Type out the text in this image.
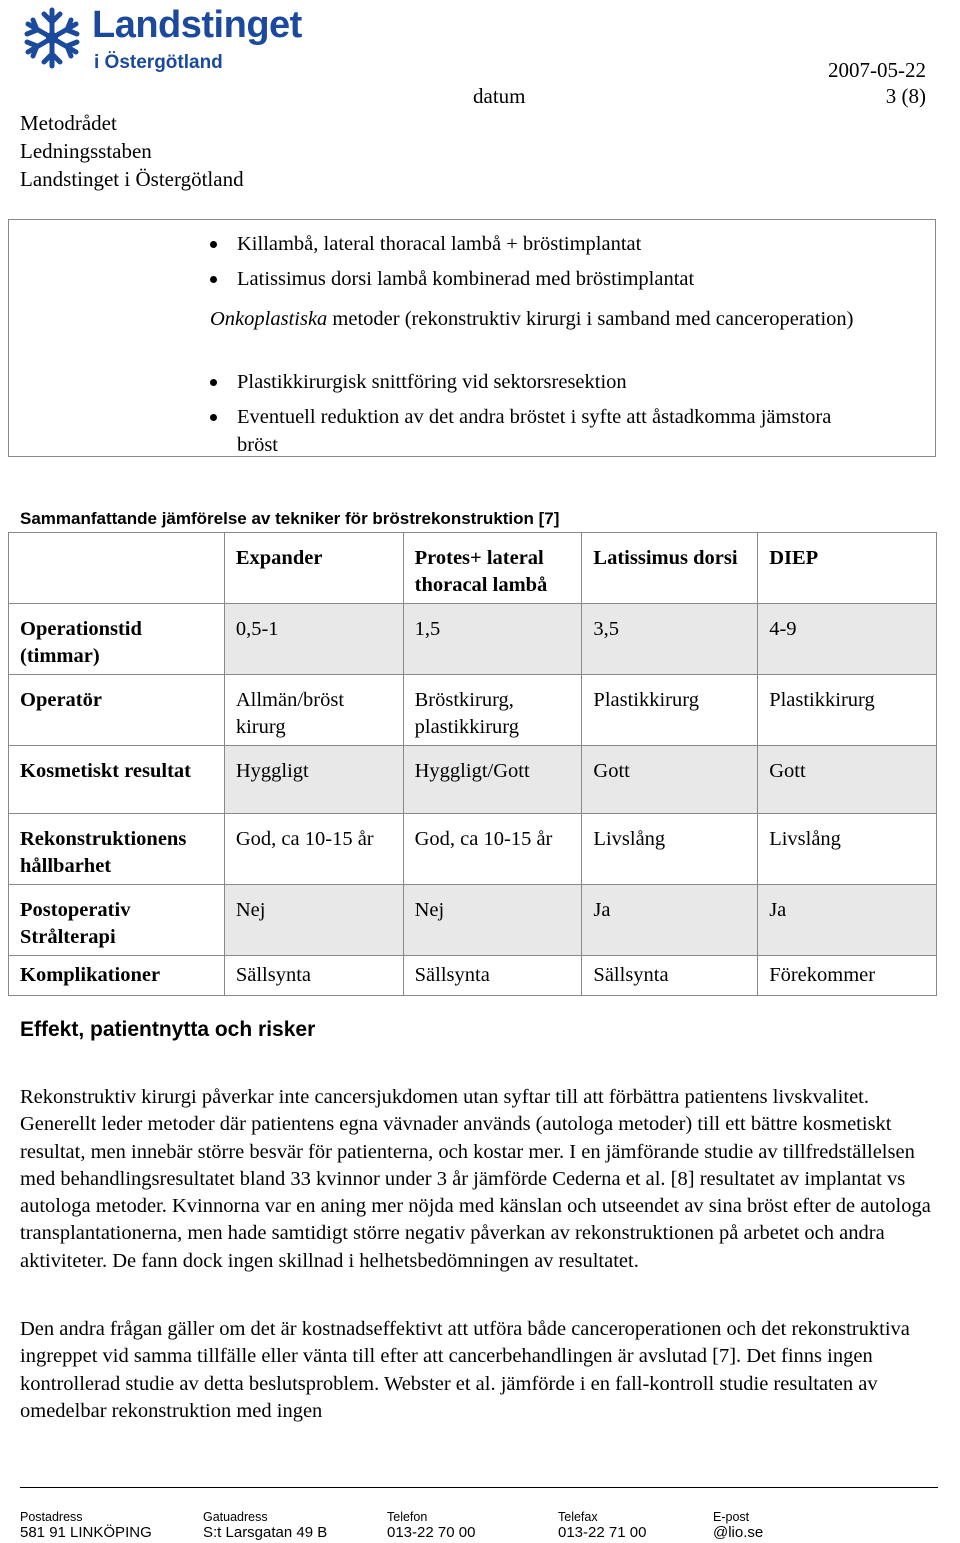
Landstinget
i Östergötland	2007-05-22
datum	3 (8)
Metodrådet
Ledningsstaben
Landstinget i Östergötland
Killambå, lateral thoracal lambå + bröstimplantat
Latissimus dorsi lambå kombinerad med bröstimplantat
Onkoplastiska metoder (rekonstruktiv kirurgi i samband med canceroperation)
Plastikkirurgisk snittföring vid sektorsresektion
Eventuell reduktion av det andra bröstet i syfte att åstadkomma jämstora bröst
Sammanfattande jämförelse av tekniker för bröstrekonstruktion [7]
	Expander	Protes+ lateral thoracal lambå	Latissimus dorsi	DIEP
Operationstid (timmar)	0,5-1	1,5	3,5	4-9
Operatör	Allmän/bröst kirurg	Bröstkirurg, plastikkirurg	Plastikkirurg	Plastikkirurg
Kosmetiskt resultat	Hyggligt	Hyggligt/Gott	Gott	Gott
Rekonstruktionens hållbarhet	God, ca 10-15 år	God, ca 10-15 år	Livslång	Livslång
Postoperativ Strålterapi	Nej	Nej	Ja	Ja
Komplikationer	Sällsynta	Sällsynta	Sällsynta	Förekommer
Effekt, patientnytta och risker
Rekonstruktiv kirurgi påverkar inte cancersjukdomen utan syftar till att förbättra patientens livskvalitet. Generellt leder metoder där patientens egna vävnader används (autologa metoder) till ett bättre kosmetiskt resultat, men innebär större besvär för patienterna, och kostar mer. I en jämförande studie av tillfredställelsen med behandlingsresultatet bland 33 kvinnor under 3 år jämförde Cederna et al. [8] resultatet av implantat vs autologa metoder. Kvinnorna var en aning mer nöjda med känslan och utseendet av sina bröst efter de autologa transplantationerna, men hade samtidigt större negativ påverkan av rekonstruktionen på arbetet och andra aktiviteter. De fann dock ingen skillnad i helhetsbedömningen av resultatet.
Den andra frågan gäller om det är kostnadseffektivt att utföra både canceroperationen och det rekonstruktiva ingreppet vid samma tillfälle eller vänta till efter att cancerbehandlingen är avslutad [7]. Det finns ingen kontrollerad studie av detta beslutsproblem. Webster et al. jämförde i en fall-kontroll studie resultaten av omedelbar rekonstruktion med ingen
Postadress
581 91 LINKÖPING
Gatuadress
S:t Larsgatan 49 B
Telefon
013-22 70 00
Telefax
013-22 71 00
E-post
@lio.se
